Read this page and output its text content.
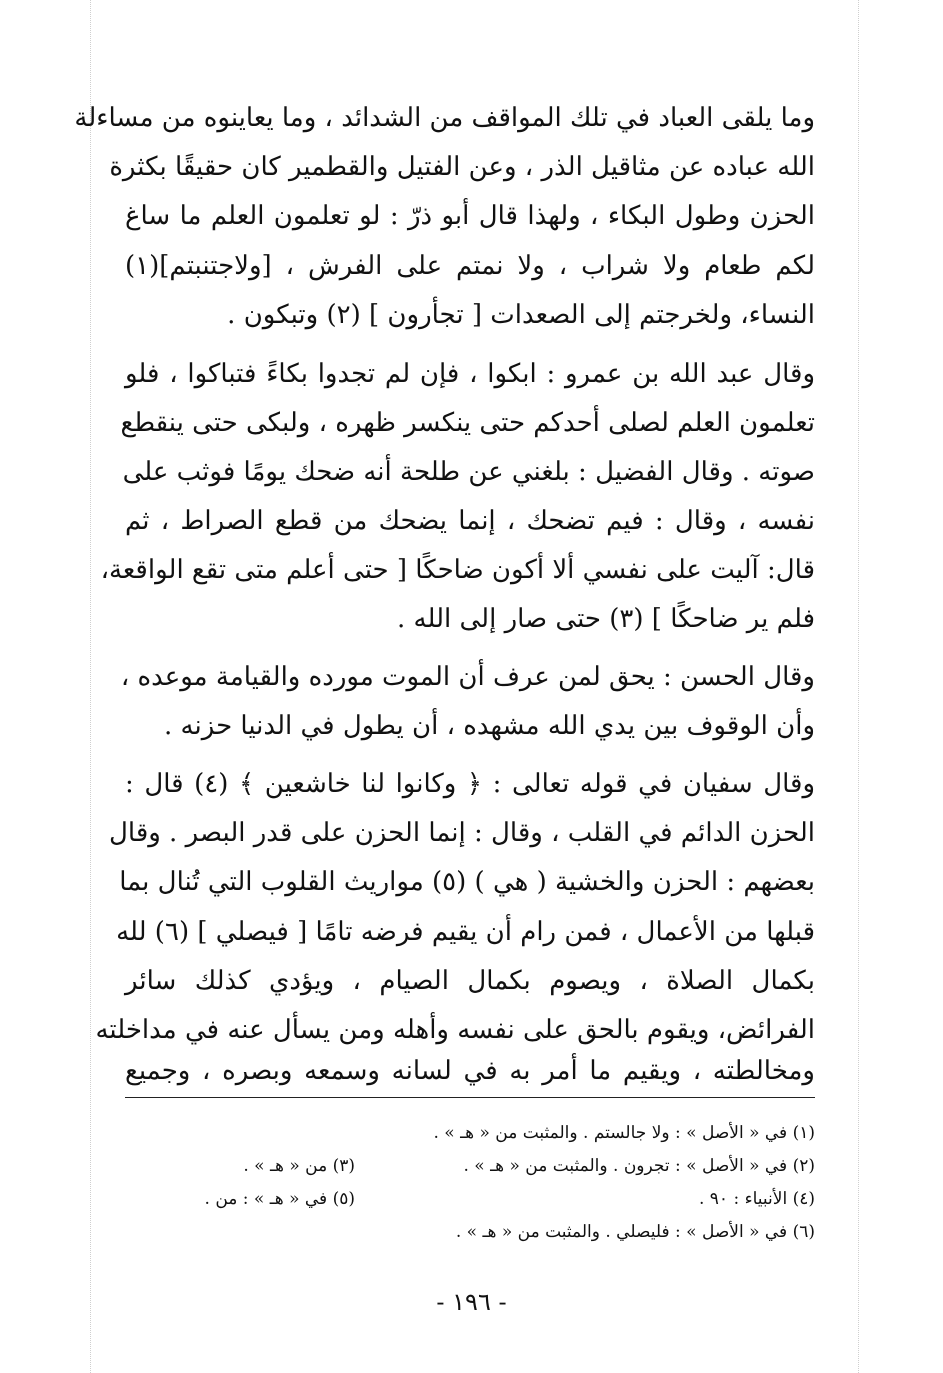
وما يلقى العباد في تلك المواقف من الشدائد ، وما يعاينوه من مساءلة
الله عباده عن مثاقيل الذر ، وعن الفتيل والقطمير كان حقيقًا بكثرة
الحزن وطول البكاء ، ولهذا قال أبو ذرّ : لو تعلمون العلم ما ساغ
لكم طعام ولا شراب ، ولا نمتم على الفرش ، [ولاجتنبتم](١)
النساء، ولخرجتم إلى الصعدات [ تجأرون ] (٢) وتبكون .
وقال عبد الله بن عمرو : ابكوا ، فإن لم تجدوا بكاءً فتباكوا ، فلو
تعلمون العلم لصلى أحدكم حتى ينكسر ظهره ، ولبكى حتى ينقطع
صوته . وقال الفضيل : بلغني عن طلحة أنه ضحك يومًا فوثب على
نفسه ، وقال : فيم تضحك ، إنما يضحك من قطع الصراط ، ثم
قال: آليت على نفسي ألا أكون ضاحكًا [ حتى أعلم متى تقع الواقعة،
فلم ير ضاحكًا ] (٣) حتى صار إلى الله .
وقال الحسن : يحق لمن عرف أن الموت مورده والقيامة موعده ،
وأن الوقوف بين يدي الله مشهده ، أن يطول في الدنيا حزنه .
وقال سفيان في قوله تعالى : ﴿ وكانوا لنا خاشعين ﴾ (٤) قال :
الحزن الدائم في القلب ، وقال : إنما الحزن على قدر البصر . وقال
بعضهم : الحزن والخشية ( هي ) (٥) مواريث القلوب التي تُنال بما
قبلها من الأعمال ، فمن رام أن يقيم فرضه تامًا [ فيصلي ] (٦) لله
بكمال الصلاة ، ويصوم بكمال الصيام ، ويؤدي كذلك سائر
الفرائض، ويقوم بالحق على نفسه وأهله ومن يسأل عنه في مداخلته
ومخالطته ، ويقيم ما أمر به في لسانه وسمعه وبصره ، وجميع
(١) في « الأصل » : ولا جالستم . والمثبت من « هـ » .
(٢) في « الأصل » : تجرون . والمثبت من « هـ » .
(٣) من « هـ » .
(٤) الأنبياء : ٩٠ .
(٥) في « هـ » : من .
(٦) في « الأصل » : فليصلي . والمثبت من « هـ » .
- ١٩٦ -
